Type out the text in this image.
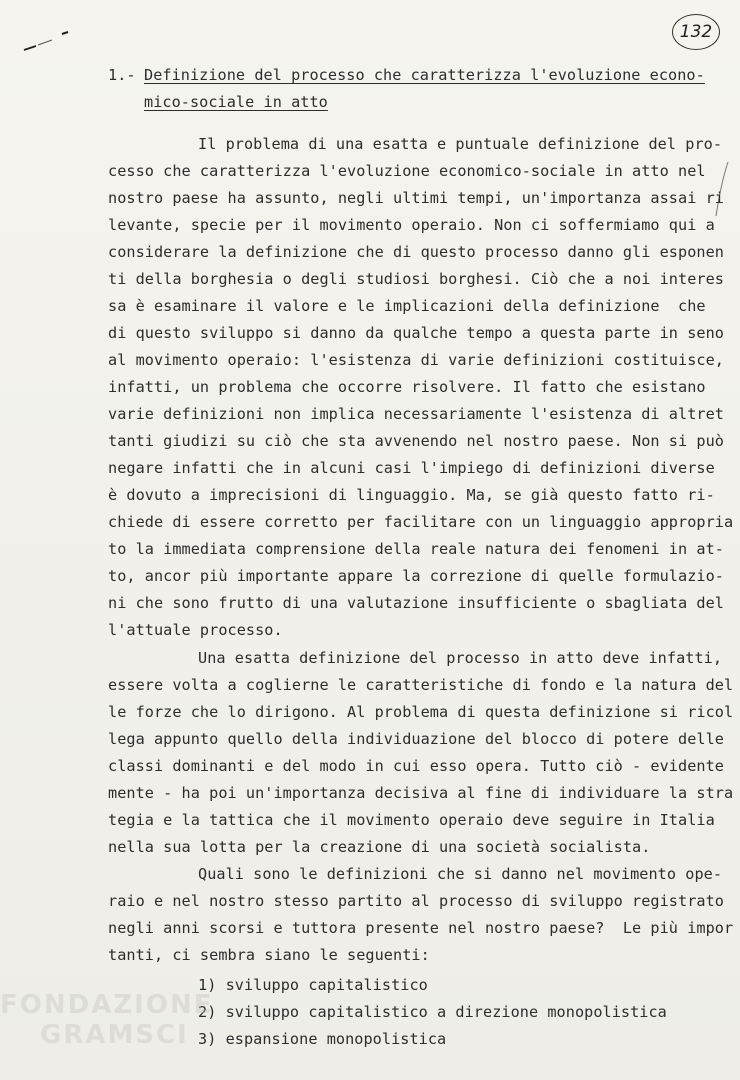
132
1.- Definizione del processo che caratterizza l'evoluzione econo-
mico-sociale in atto
Il problema di una esatta e puntuale definizione del pro-
cesso che caratterizza l'evoluzione economico-sociale in atto nel
nostro paese ha assunto, negli ultimi tempi, un'importanza assai ri
levante, specie per il movimento operaio. Non ci soffermiamo qui a
considerare la definizione che di questo processo danno gli esponen
ti della borghesia o degli studiosi borghesi. Ciò che a noi interes
sa è esaminare il valore e le implicazioni della definizione  che
di questo sviluppo si danno da qualche tempo a questa parte in seno
al movimento operaio: l'esistenza di varie definizioni costituisce,
infatti, un problema che occorre risolvere. Il fatto che esistano
varie definizioni non implica necessariamente l'esistenza di altret
tanti giudizi su ciò che sta avvenendo nel nostro paese. Non si può
negare infatti che in alcuni casi l'impiego di definizioni diverse
è dovuto a imprecisioni di linguaggio. Ma, se già questo fatto ri-
chiede di essere corretto per facilitare con un linguaggio appropria
to la immediata comprensione della reale natura dei fenomeni in at-
to, ancor più importante appare la correzione di quelle formulazio-
ni che sono frutto di una valutazione insufficiente o sbagliata del
l'attuale processo.
Una esatta definizione del processo in atto deve infatti,
essere volta a coglierne le caratteristiche di fondo e la natura del
le forze che lo dirigono. Al problema di questa definizione si ricol
lega appunto quello della individuazione del blocco di potere delle
classi dominanti e del modo in cui esso opera. Tutto ciò - evidente
mente - ha poi un'importanza decisiva al fine di individuare la stra
tegia e la tattica che il movimento operaio deve seguire in Italia
nella sua lotta per la creazione di una società socialista.
Quali sono le definizioni che si danno nel movimento ope-
raio e nel nostro stesso partito al processo di sviluppo registrato
negli anni scorsi e tuttora presente nel nostro paese?  Le più impor
tanti, ci sembra siano le seguenti:
1) sviluppo capitalistico
2) sviluppo capitalistico a direzione monopolistica
3) espansione monopolistica
FONDAZIONE
GRAMSCI
